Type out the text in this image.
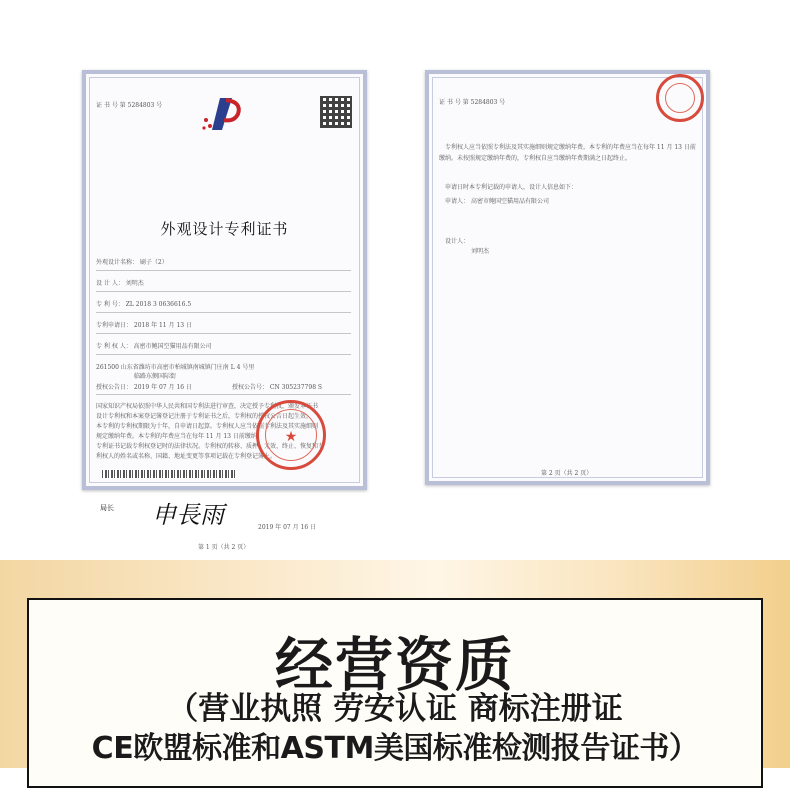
证 书 号 第 5284803 号
外观设计专利证书
外观设计名称： 刷子（2）
设 计 人： 刘明杰
专 利 号： ZL 2018 3 0636616.5
专利申请日： 2018 年 11 月 13 日
专 利 权 人： 高密市鲍国空猫用品有限公司
261500 山东省潍坊市高密市柏城镇南城镇门庄南 L 4 号里
临路东侧国际街
授权公告日： 2019 年 07 月 16 日	授权公告号： CN 305237798 S
国家知识产权局依照中华人民共和国专利法进行审查，决定授予专利权，颁发本证书
设计专利权和本案登记簿登记注册于专利证书之后，专利权的授权公告日起生效。
本专利的专利权期限为十年，自申请日起算。专利权人应当依照专利法及其实施细则
规定缴纳年费。本专利的年费应当在每年 11 月 13 日前缴纳。
专利证书记载专利权登记时的法律状况。专利权的转移、质押、无效、终止、恢复和专
利权人的姓名或名称、国籍、地址变更等事项记载在专利登记簿上。
局长 申長雨	2019 年 07 月 16 日
★
第 1 页（共 2 页）
证 书 号 第 5284803 号
专利权人应当依照专利法及其实施细则规定缴纳年费。本专利的年费应当在每年 11 月 13 日前
缴纳。未按照规定缴纳年费的，专利权自应当缴纳年费期满之日起终止。
申请日时本专利记载的申请人，设计人信息如下：
申请人： 高密市鲍国空猫用品有限公司
设计人：
刘明杰
第 2 页（共 2 页）
经营资质
（营业执照 劳安认证 商标注册证
CE欧盟标准和ASTM美国标准检测报告证书）
